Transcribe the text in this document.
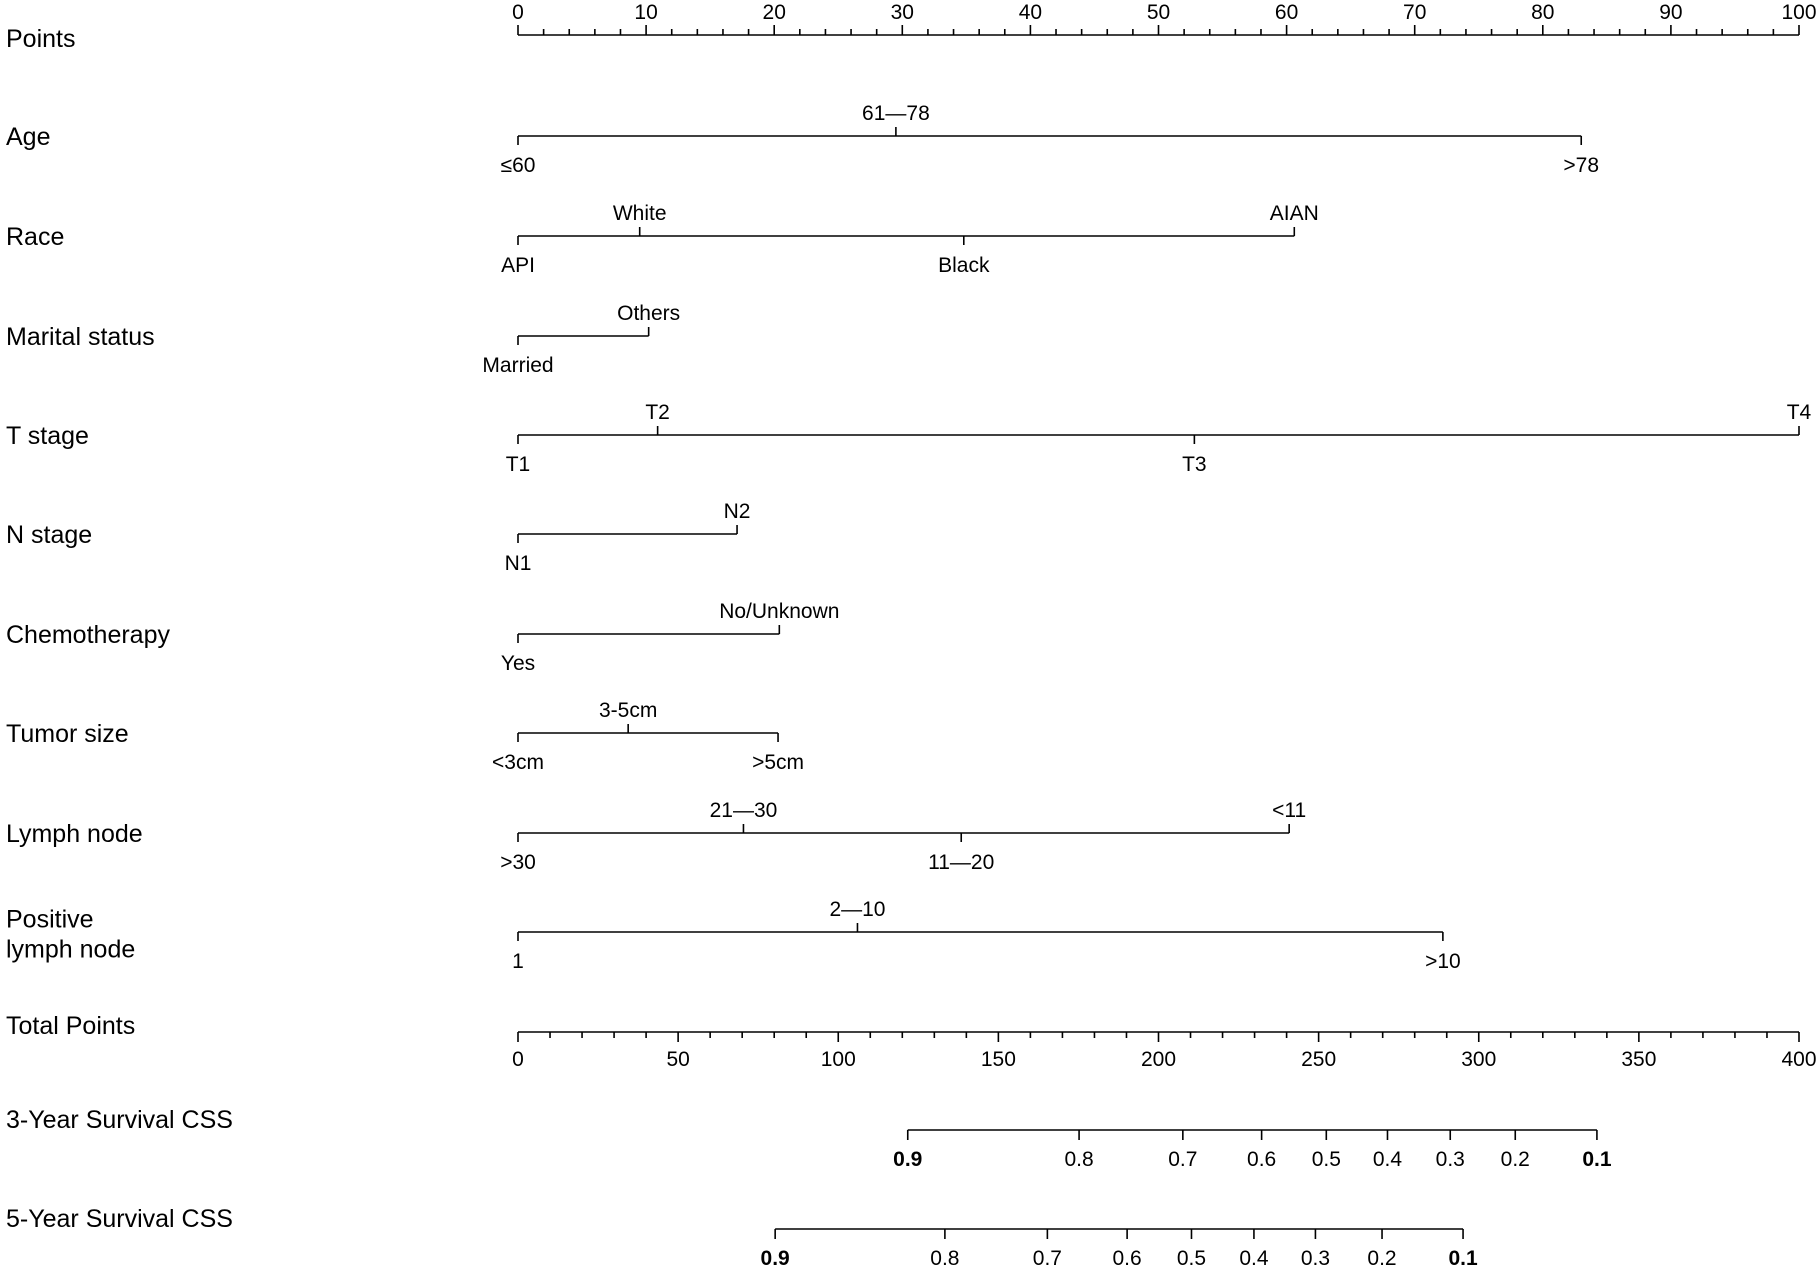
Points
0	10	20	30	40	50	60	70	80	90	100
Age
≤60
61—78
>78
Race
API
White
Black
AIAN
Marital status
Married
Others
T stage
T1
T2
T3
T4
N stage
N1
N2
Chemotherapy
Yes
No/Unknown
Tumor size
<3cm
3-5cm
>5cm
Lymph node
>30
21—30
11—20
<11
Positive lymph node	1
2—10
>10
Total Points
0	50	100	150	200	250	300	350	400
3-Year Survival CSS
0.9	0.8	0.7 0.6 0.5 0.4 0.3 0.2 0.1
5-Year Survival CSS
0.9	0.8	0.7 0.6 0.5 0.4 0.3 0.2 0.1
